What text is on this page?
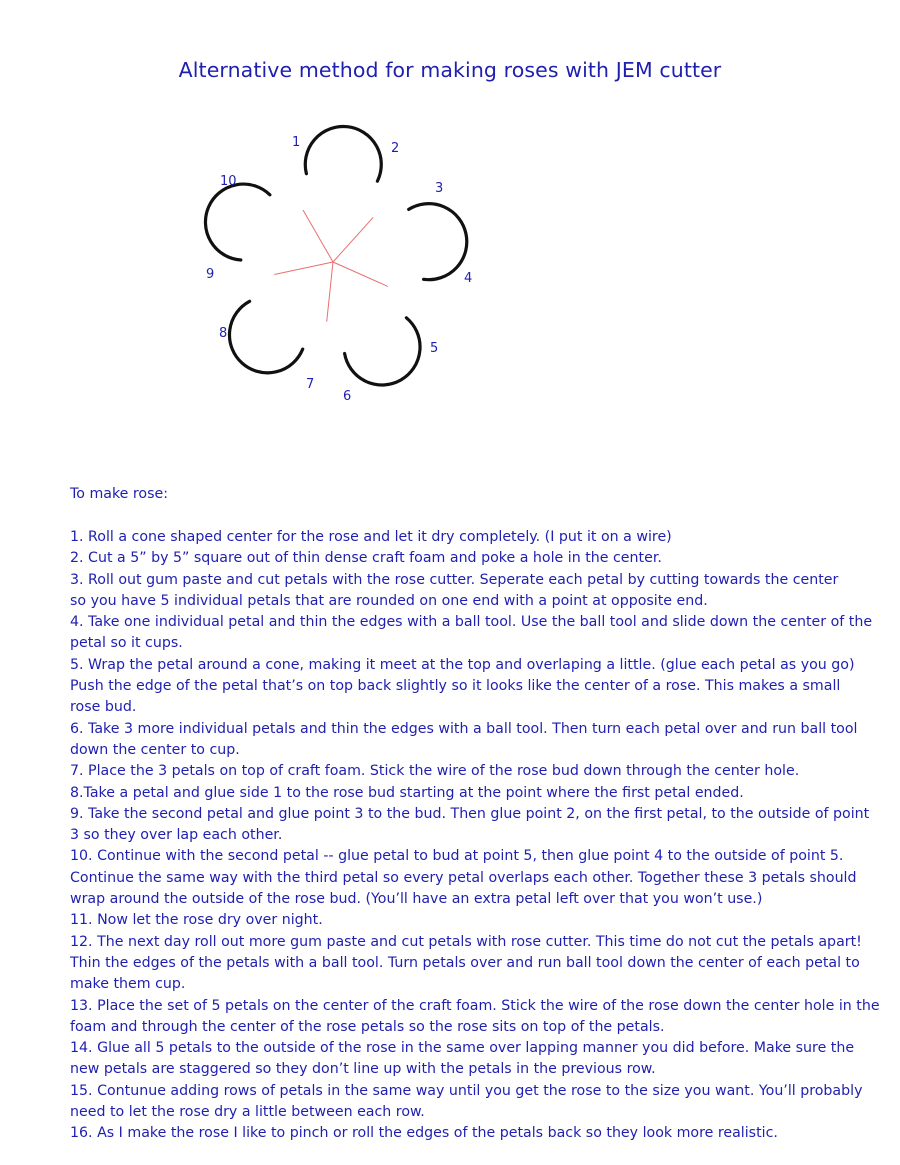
Alternative method for making roses with JEM cutter
1	2
3
4
5
6
7
8
9
10
To make rose:
1. Roll a cone shaped center for the rose and let it dry completely. (I put it on a wire)
2. Cut a 5” by 5” square out of thin dense craft foam and poke a hole in the center.
3. Roll out gum paste and cut petals with the rose cutter. Seperate each petal by cutting towards the center
so you have 5 individual petals that are rounded on one end with a point at opposite end.
4. Take one individual petal and thin the edges with a ball tool. Use the ball tool and slide down the center of the
petal so it cups.
5. Wrap the petal around a cone, making it meet at the top and overlaping a little. (glue each petal as you go)
Push the edge of the petal that’s on top back slightly so it looks like the center of a rose. This makes a small
rose bud.
6. Take 3 more individual petals and thin the edges with a ball tool. Then turn each petal over and run ball tool
down the center to cup.
7. Place the 3 petals on top of craft foam. Stick the wire of the rose bud down through the center hole.
8.Take a petal and glue side 1 to the rose bud starting at the point where the first petal ended.
9. Take the second petal and glue point 3 to the bud. Then glue point 2, on the first petal, to the outside of point
3 so they over lap each other.
10. Continue with the second petal -- glue petal to bud at point 5, then glue point 4 to the outside of point 5.
Continue the same way with the third petal so every petal overlaps each other. Together these 3 petals should
wrap around the outside of the rose bud. (You’ll have an extra petal left over that you won’t use.)
11. Now let the rose dry over night.
12. The next day roll out more gum paste and cut petals with rose cutter. This time do not cut the petals apart!
Thin the edges of the petals with a ball tool. Turn petals over and run ball tool down the center of each petal to
make them cup.
13. Place the set of 5 petals on the center of the craft foam. Stick the wire of the rose down the center hole in the
foam and through the center of the rose petals so the rose sits on top of the petals.
14. Glue all 5 petals to the outside of the rose in the same over lapping manner you did before. Make sure the
new petals are staggered so they don’t line up with the petals in the previous row.
15. Contunue adding rows of petals in the same way until you get the rose to the size you want. You’ll probably
need to let the rose dry a little between each row.
16. As I make the rose I like to pinch or roll the edges of the petals back so they look more realistic.
